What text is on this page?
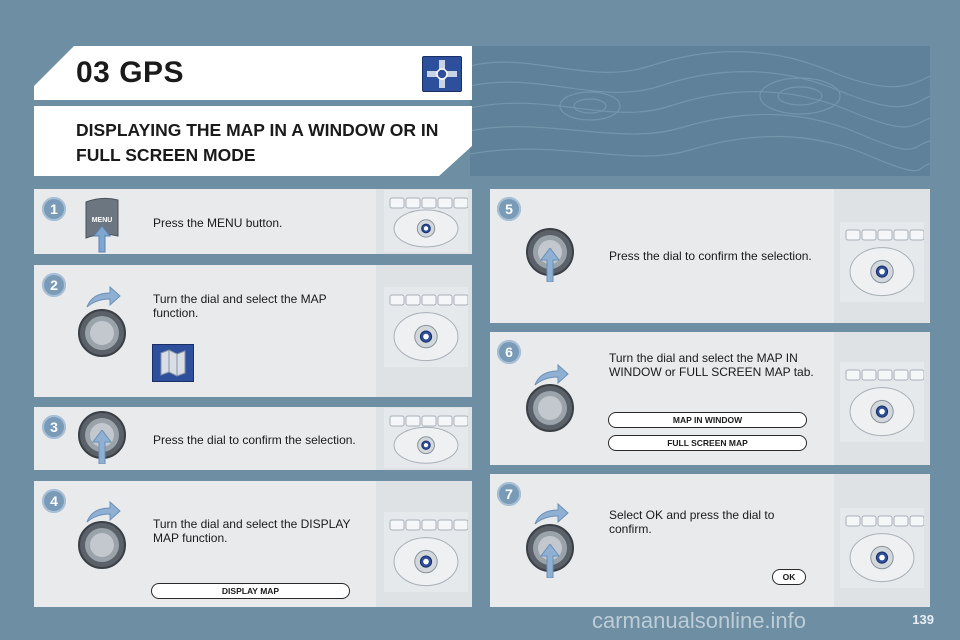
03 GPS
DISPLAYING THE MAP IN A WINDOW OR IN FULL SCREEN MODE
1
MENU	Press the MENU button.
2
Turn the dial and select the MAP function.
3
Press the dial to confirm the selection.
4
Turn the dial and select the DISPLAY MAP function.
DISPLAY MAP
5
Press the dial to confirm the selection.
6	Turn the dial and select the MAP IN WINDOW or FULL SCREEN MAP tab.
MAP IN WINDOW
FULL SCREEN MAP
7
Select OK and press the dial to confirm.
OK
139
carmanualsonline.info
